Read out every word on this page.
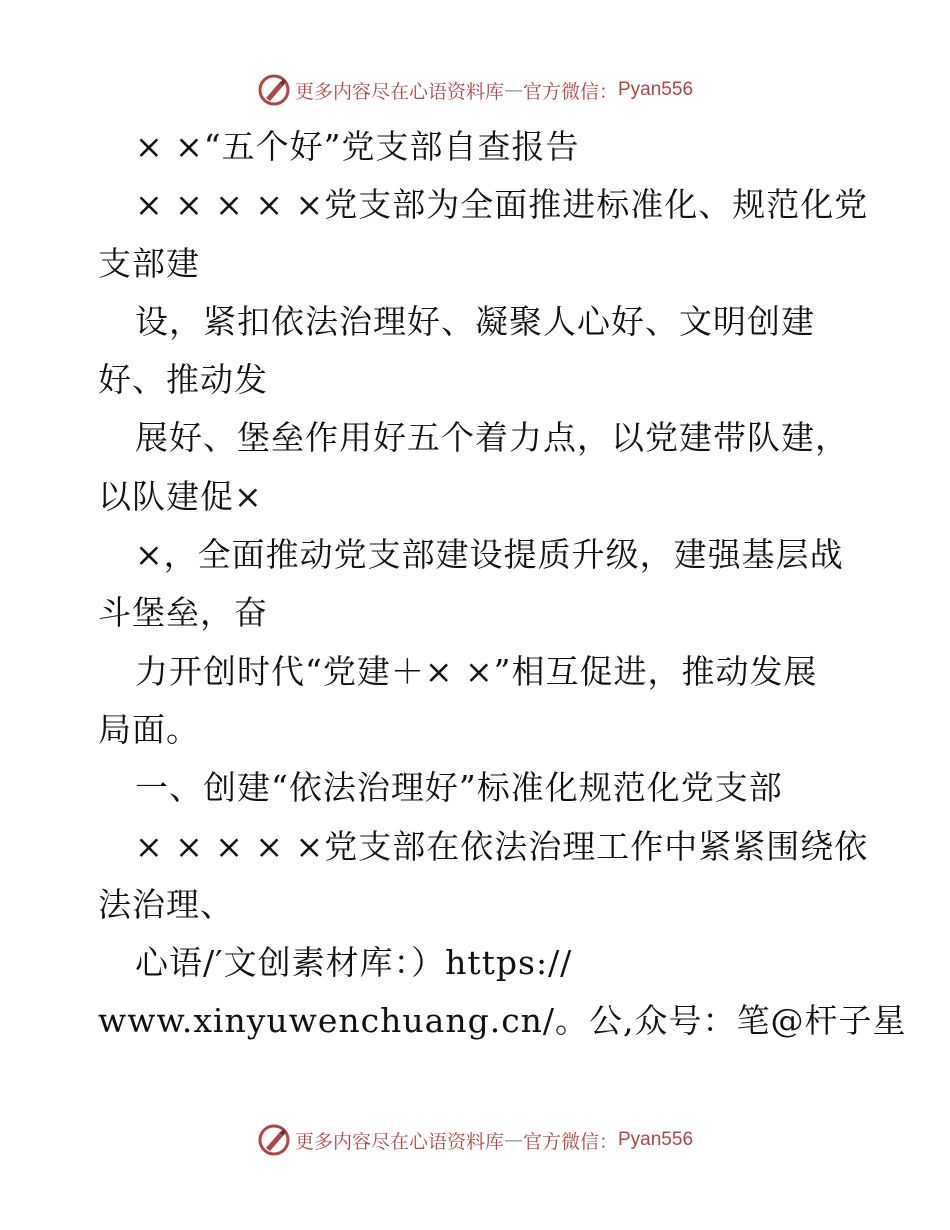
更多内容尽在心语资料库 — 官方微信： Pyan556
× ×“五个好”党支部自查报告
× × × × ×党支部为全面推进标准化、规范化党
支部建
设，紧扣依法治理好、凝聚人心好、文明创建
好、推动发
展好、堡垒作用好五个着力点，以党建带队建，
以队建促×
×，全面推动党支部建设提质升级，建强基层战
斗堡垒，奋
力开创时代“党建＋× ×”相互促进，推动发展
局面。
一、创建“依法治理好”标准化规范化党支部
× × × × ×党支部在依法治理工作中紧紧围绕依
法治理、
心语/′文创素材库：）https://
www.xinyuwenchuang.cn/。公,众号：笔@杆子星
更多内容尽在心语资料库 — 官方微信： Pyan556
